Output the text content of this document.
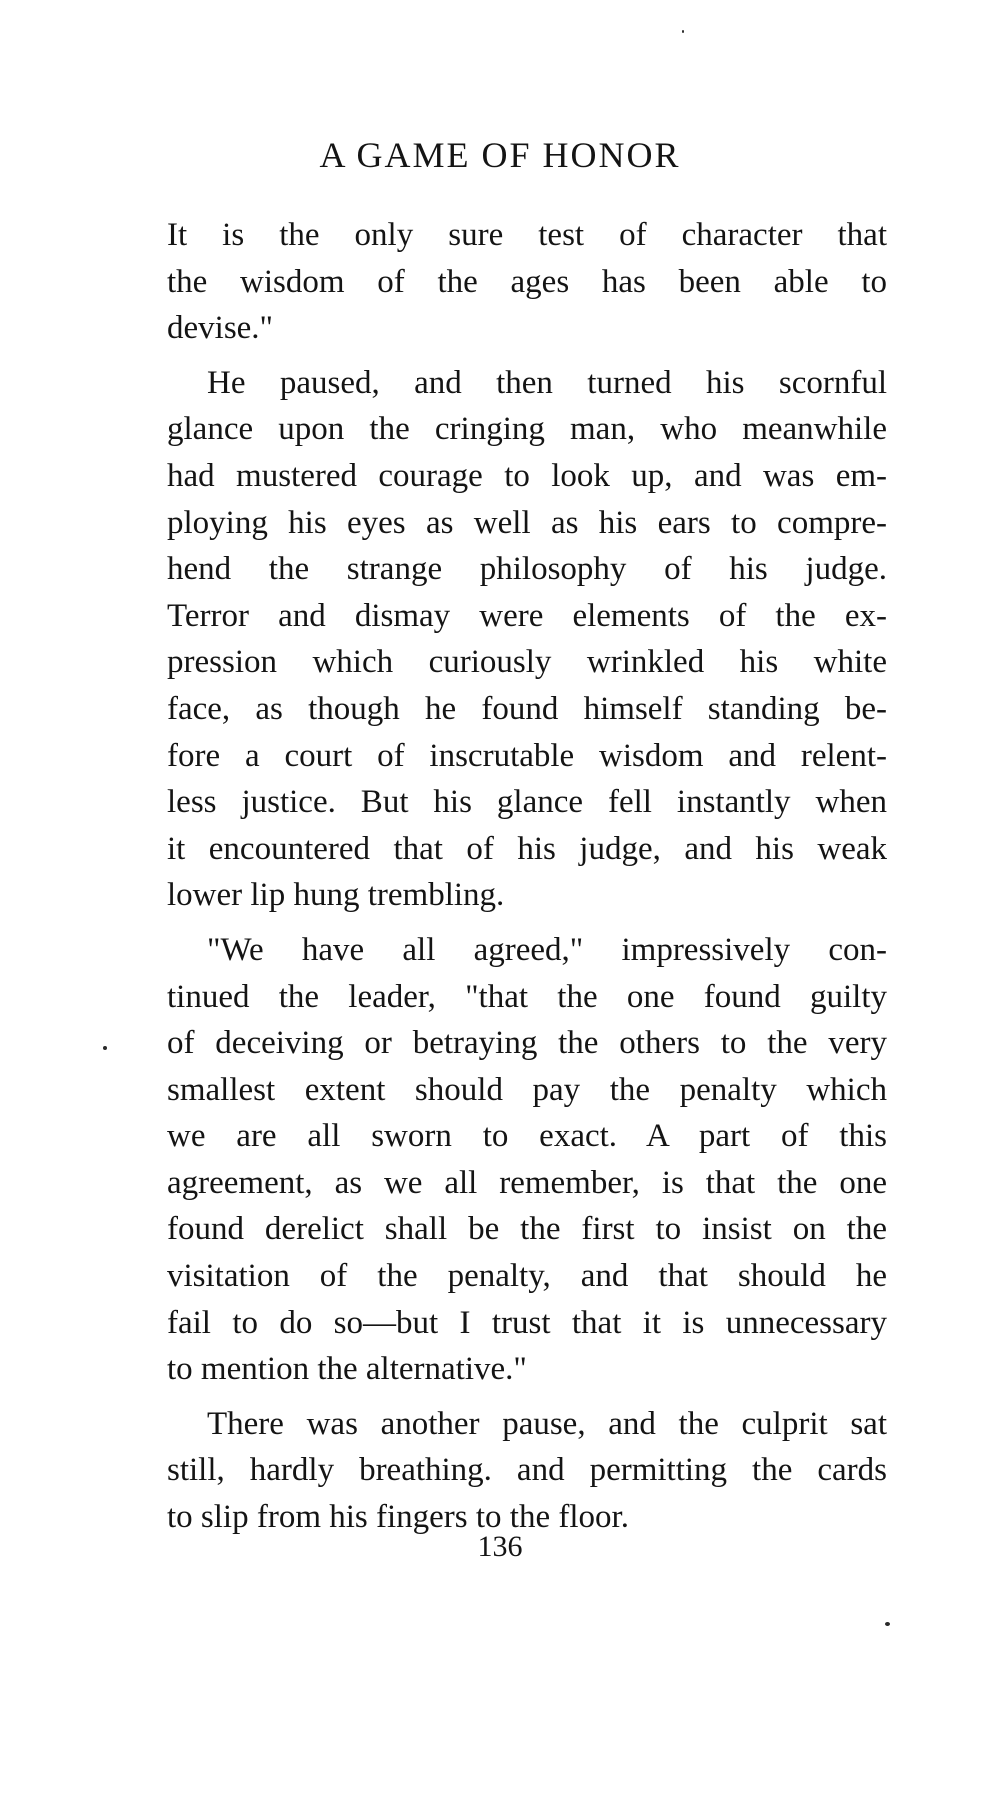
A GAME OF HONOR
It is the only sure test of character that
the wisdom of the ages has been able to
devise."
He paused, and then turned his scornful
glance upon the cringing man, who meanwhile
had mustered courage to look up, and was em-
ploying his eyes as well as his ears to compre-
hend the strange philosophy of his judge.
Terror and dismay were elements of the ex-
pression which curiously wrinkled his white
face, as though he found himself standing be-
fore a court of inscrutable wisdom and relent-
less justice. But his glance fell instantly when
it encountered that of his judge, and his weak
lower lip hung trembling.
"We have all agreed," impressively con-
tinued the leader, "that the one found guilty
of deceiving or betraying the others to the very
smallest extent should pay the penalty which
we are all sworn to exact. A part of this
agreement, as we all remember, is that the one
found derelict shall be the first to insist on the
visitation of the penalty, and that should he
fail to do so—but I trust that it is unnecessary
to mention the alternative."
There was another pause, and the culprit sat
still, hardly breathing. and permitting the cards
to slip from his fingers to the floor.
136
